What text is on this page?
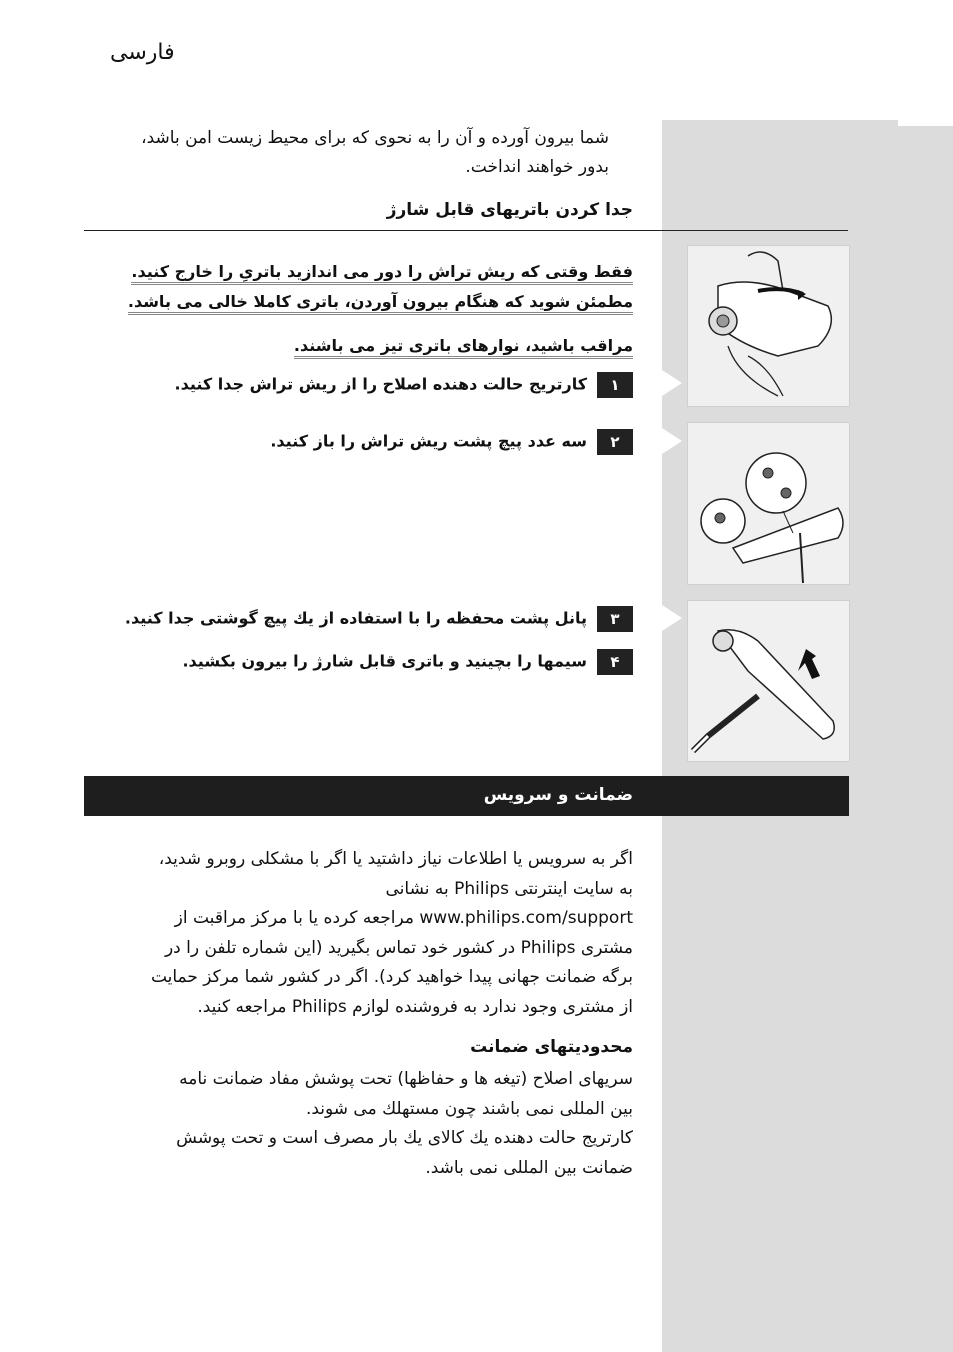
فارسی
شما بیرون آورده و آن را به نحوی که برای محیط زیست امن باشد،
بدور خواهند انداخت.
جدا کردن باتریهای قابل شارژ
فقط وقتی که ریش تراش را دور می اندازید باتریِ را خارج کنید.
مطمئن شوید که هنگام بیرون آوردن، باتری کاملا خالی می باشد.
مراقب باشید، نوارهای باتری تیز می باشند.
۱کارتریج حالت دهنده اصلاح را از ریش تراش جدا کنید.
۲سه عدد پیچ پشت ریش تراش را باز کنید.
۳پانل پشت محفظه را با استفاده از یك پیچ گوشتی جدا کنید.
۴سیمها را بچینید و باتری قابل شارژ را بیرون بکشید.
ضمانت و سرویس
اگر به سرویس یا اطلاعات نیاز داشتید یا اگر با مشکلی روبرو شدید،
به سایت اینترنتی Philips به نشانی
www.philips.com/support مراجعه کرده یا با مرکز مراقبت از
مشتری Philips در کشور خود تماس بگیرید (این شماره تلفن را در
برگه ضمانت جهانی پیدا خواهید کرد). اگر در کشور شما مرکز حمایت
از مشتری وجود ندارد به فروشنده لوازم Philips مراجعه کنید.
محدودیتهای ضمانت
سریهای اصلاح (تیغه ها و حفاظها) تحت پوشش مفاد ضمانت نامه
بین المللی نمی باشند چون مستهلك می شوند.
کارتریج حالت دهنده یك کالای یك بار مصرف است و تحت پوشش
ضمانت بین المللی نمی باشد.
